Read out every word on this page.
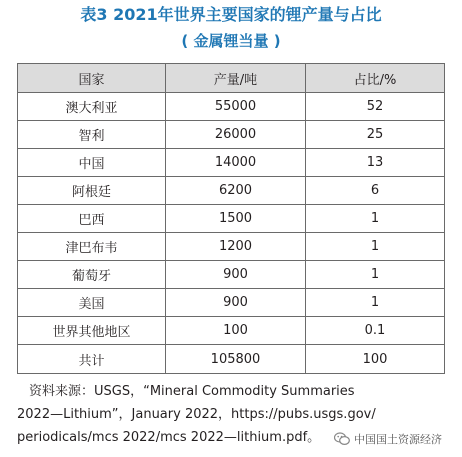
表3 2021年世界主要国家的锂产量与占比
( 金属锂当量 )
国家	产量/吨	占比/%
澳大利亚	55000	52
智利	26000	25
中国	14000	13
阿根廷	6200	6
巴西	1500	1
津巴布韦	1200	1
葡萄牙	900	1
美国	900	1
世界其他地区	100	0.1
共计	105800	100
资料来源：USGS，“Mineral Commodity Summaries
2022—Lithium”，January 2022，https://pubs.usgs.gov/
periodicals/mcs 2022/mcs 2022—lithium.pdf。	中国国土资源经济
